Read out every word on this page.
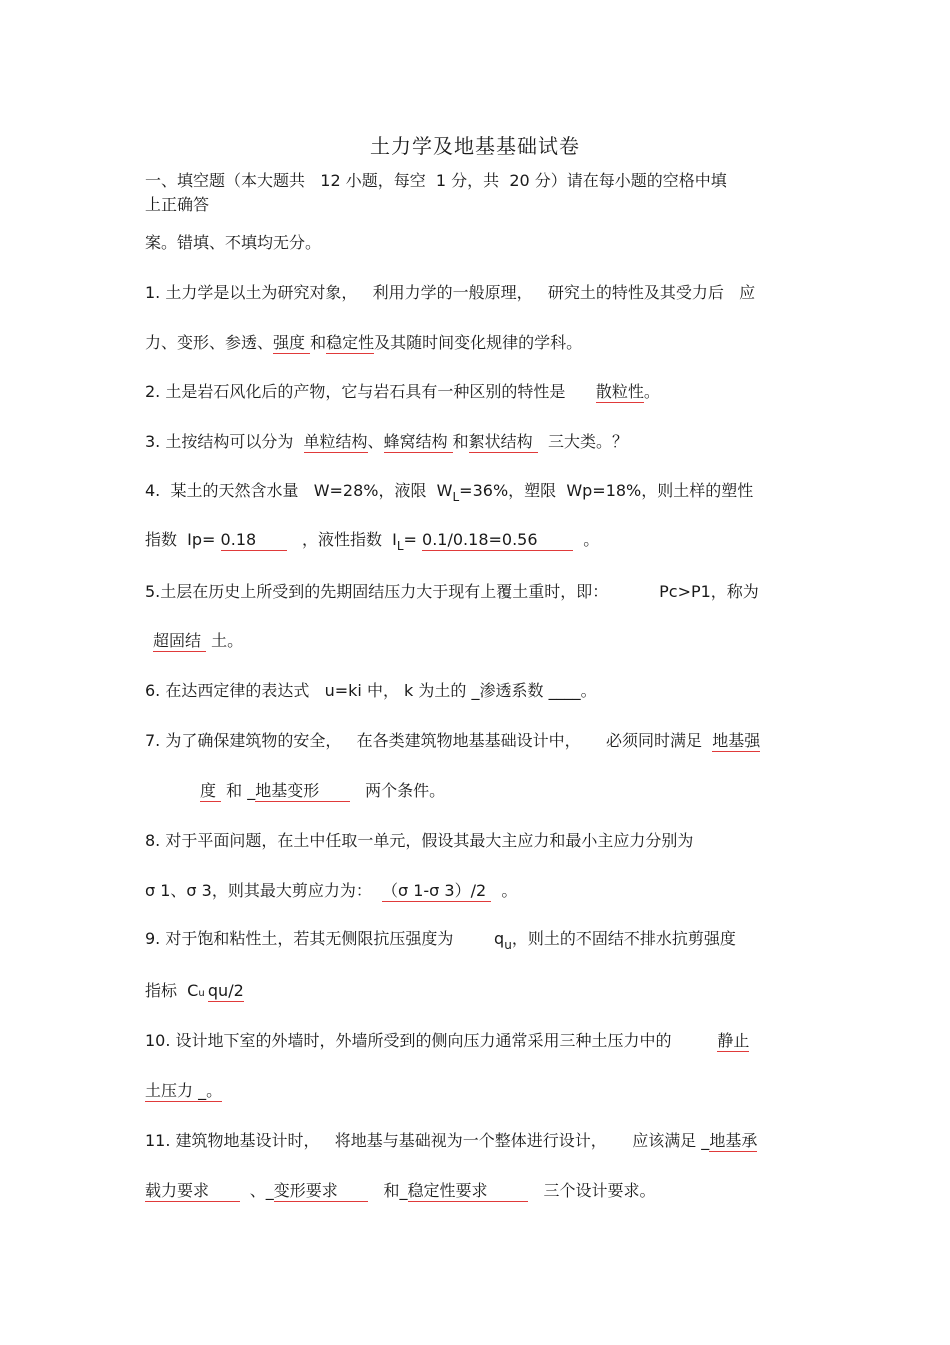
土力学及地基基础试卷
一、填空题（本大题共   12 小题，每空  1 分，共  20 分）请在每小题的空格中填
上正确答
案。错填、不填均无分。
1. 土力学是以土为研究对象，   利用力学的一般原理，   研究土的特性及其受力后   应
力、变形、参透、强度 和稳定性及其随时间变化规律的学科。
2. 土是岩石风化后的产物，它与岩石具有一种区别的特性是      散粒性。
3. 土按结构可以分为  单粒结构、蜂窝结构 和絮状结构   三大类。？
4.  某土的天然含水量   W=28%，液限  $W_L=36\%$，塑限  Wp=18%，则土样的塑性
指数  Ip= 0.18         ，液性指数  $I_L= 0.1/0.18=0.56$         。
5.土层在历史上所受到的先期固结压力大于现有上覆土重时，即：          Pc>P1，称为
超固结  土。
6. 在达西定律的表达式   u=ki 中， k 为土的 _渗透系数 ____。
7. 为了确保建筑物的安全，   在各类建筑物地基基础设计中，     必须同时满足  地基强
度  和 _地基变形         两个条件。
8. 对于平面问题，在土中任取一单元，假设其最大主应力和最小主应力分别为
σ 1、σ 3，则其最大剪应力为：  （σ 1-σ 3）/2   。
9. 对于饱和粘性土，若其无侧限抗压强度为        $q_u$，则土的不固结不排水抗剪强度
指标  Cu qu/2
10. 设计地下室的外墙时，外墙所受到的侧向压力通常采用三种土压力中的         静止
土压力 _。
11. 建筑物地基设计时，   将地基与基础视为一个整体进行设计，     应该满足 _地基承
载力要求        、_变形要求         和_稳定性要求           三个设计要求。
